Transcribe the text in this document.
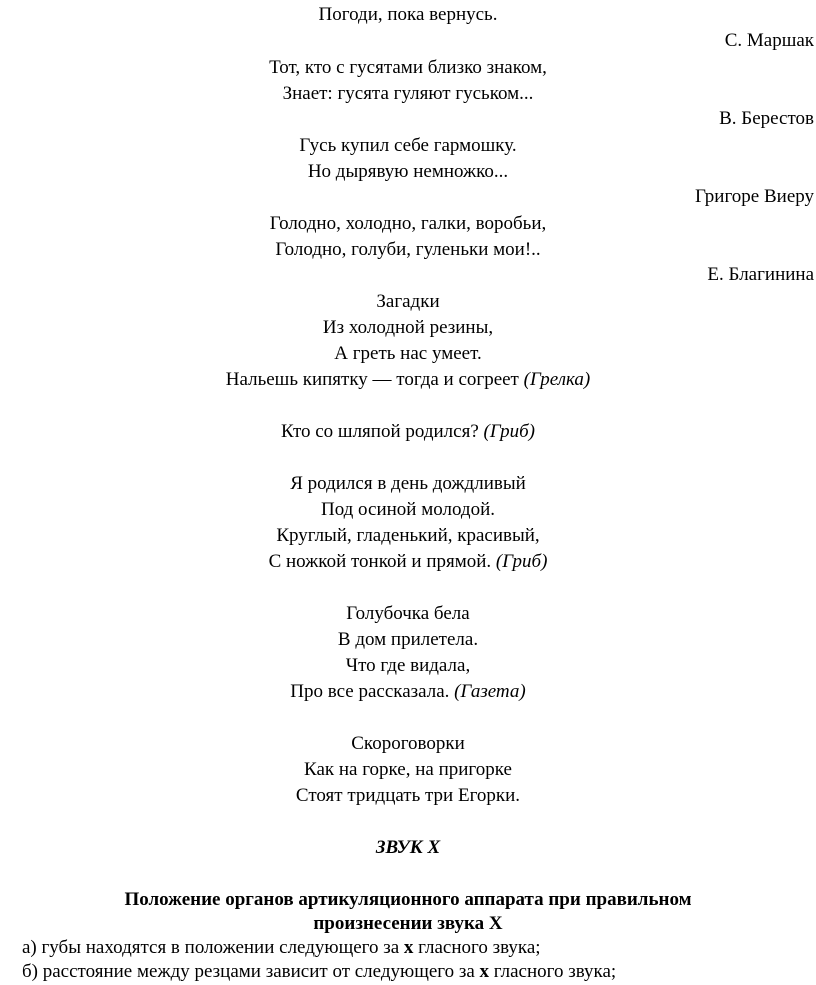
Погоди, пока вернусь.
С. Маршак
Тот, кто с гусятами близко знаком,
Знает: гусята гуляют гуськом...
В. Берестов
Гусь купил себе гармошку.
Но дырявую немножко...
Григоре Виеру
Голодно, холодно, галки, воробьи,
Голодно, голуби, гуленьки мои!..
Е. Благинина
Загадки
Из холодной резины,
А греть нас умеет.
Нальешь кипятку — тогда и согреет (Грелка)
Кто со шляпой родился? (Гриб)
Я родился в день дождливый
Под осиной молодой.
Круглый, гладенький, красивый,
С ножкой тонкой и прямой. (Гриб)
Голубочка бела
В дом прилетела.
Что где видала,
Про все рассказала. (Газета)
Скороговорки
Как на горке, на пригорке
Стоят тридцать три Егорки.
ЗВУК Х
Положение органов артикуляционного аппарата при правильном
произнесении звука Х
а) губы находятся в положении следующего за х гласного звука;
б) расстояние между резцами зависит от следующего за х гласного звука;
